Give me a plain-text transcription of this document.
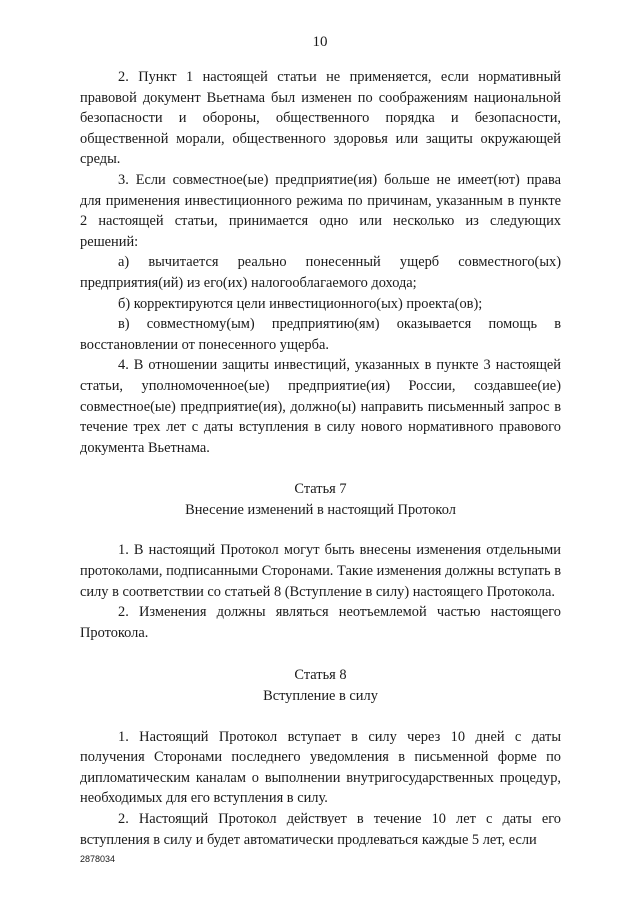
10

2. Пункт 1 настоящей статьи не применяется, если нормативный правовой документ Вьетнама был изменен по соображениям национальной безопасности и обороны, общественного порядка и безопасности, общественной морали, общественного здоровья или защиты окружающей среды.

3. Если совместное(ые) предприятие(ия) больше не имеет(ют) права для применения инвестиционного режима по причинам, указанным в пункте 2 настоящей статьи, принимается одно или несколько из следующих решений:

а) вычитается реально понесенный ущерб совместного(ых) предприятия(ий) из его(их) налогооблагаемого дохода;

б) корректируются цели инвестиционного(ых) проекта(ов);

в) совместному(ым) предприятию(ям) оказывается помощь в восстановлении от понесенного ущерба.

4. В отношении защиты инвестиций, указанных в пункте 3 настоящей статьи, уполномоченное(ые) предприятие(ия) России, создавшее(ие) совместное(ые) предприятие(ия), должно(ы) направить письменный запрос в течение трех лет с даты вступления в силу нового нормативного правового документа Вьетнама.

Статья 7

Внесение изменений в настоящий Протокол

1. В настоящий Протокол могут быть внесены изменения отдельными протоколами, подписанными Сторонами. Такие изменения должны вступать в силу в соответствии со статьей 8 (Вступление в силу) настоящего Протокола.

2. Изменения должны являться неотъемлемой частью настоящего Протокола.

Статья 8

Вступление в силу

1. Настоящий Протокол вступает в силу через 10 дней с даты получения Сторонами последнего уведомления в письменной форме по дипломатическим каналам о выполнении внутригосударственных процедур, необходимых для его вступления в силу.

2. Настоящий Протокол действует в течение 10 лет с даты его вступления в силу и будет автоматически продлеваться каждые 5 лет, если

2878034
